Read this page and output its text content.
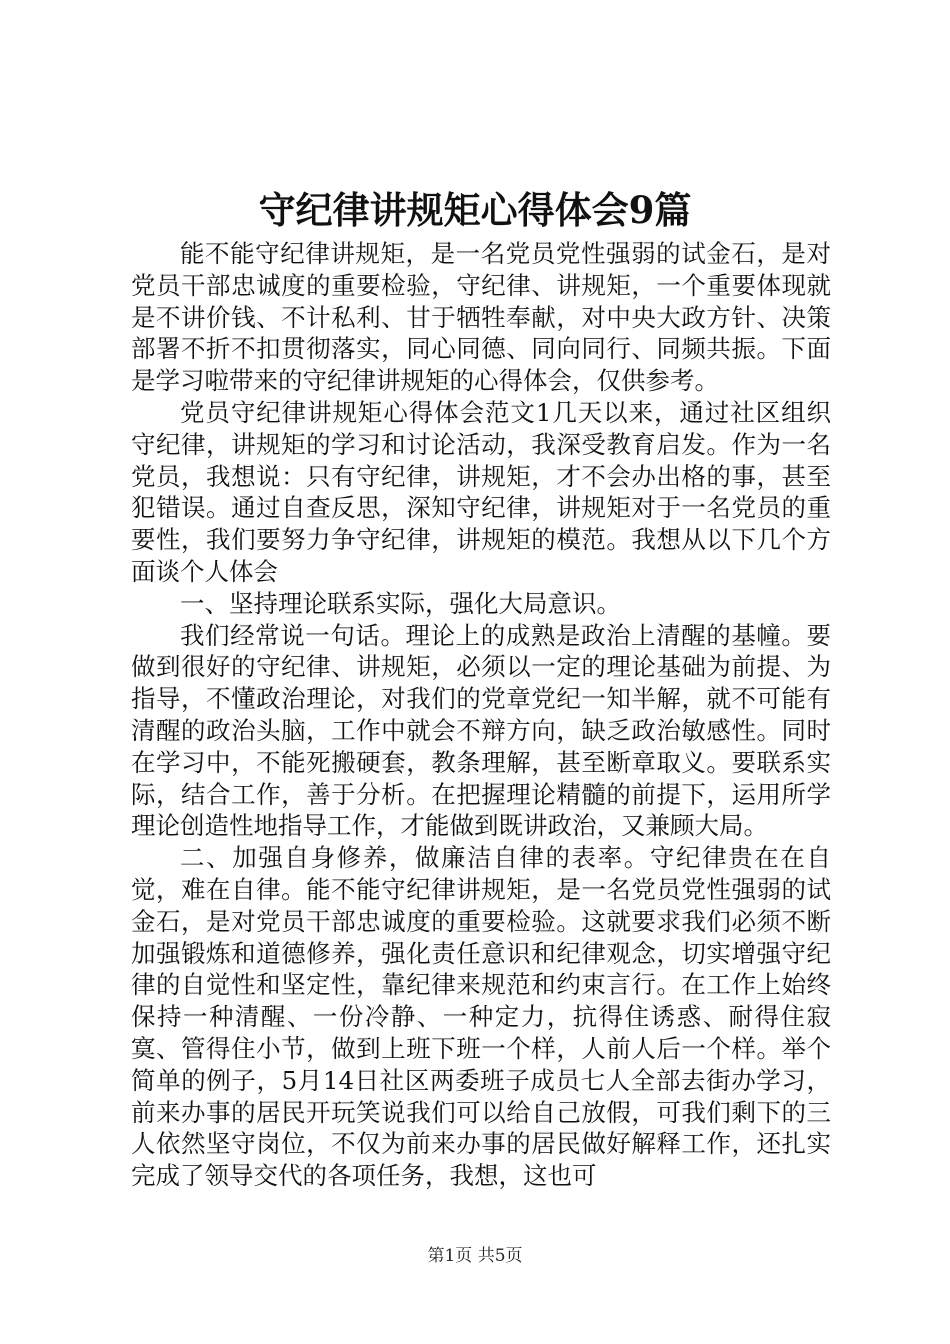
守纪律讲规矩心得体会9篇

能不能守纪律讲规矩，是一名党员党性强弱的试金石，是对党员干部忠诚度的重要检验，守纪律、讲规矩，一个重要体现就是不讲价钱、不计私利、甘于牺牲奉献，对中央大政方针、决策部署不折不扣贯彻落实，同心同德、同向同行、同频共振。下面是学习啦带来的守纪律讲规矩的心得体会，仅供参考。

党员守纪律讲规矩心得体会范文1几天以来，通过社区组织守纪律，讲规矩的学习和讨论活动，我深受教育启发。作为一名党员，我想说：只有守纪律，讲规矩，才不会办出格的事，甚至犯错误。通过自查反思，深知守纪律，讲规矩对于一名党员的重要性，我们要努力争守纪律，讲规矩的模范。我想从以下几个方面谈个人体会

一、坚持理论联系实际，强化大局意识。

我们经常说一句话。理论上的成熟是政治上清醒的基幢。要做到很好的守纪律、讲规矩，必须以一定的理论基础为前提、为指导，不懂政治理论，对我们的党章党纪一知半解，就不可能有清醒的政治头脑，工作中就会不辩方向，缺乏政治敏感性。同时在学习中，不能死搬硬套，教条理解，甚至断章取义。要联系实际，结合工作，善于分析。在把握理论精髓的前提下，运用所学理论创造性地指导工作，才能做到既讲政治，又兼顾大局。

二、加强自身修养，做廉洁自律的表率。守纪律贵在在自觉，难在自律。能不能守纪律讲规矩，是一名党员党性强弱的试金石，是对党员干部忠诚度的重要检验。这就要求我们必须不断加强锻炼和道德修养，强化责任意识和纪律观念，切实增强守纪律的自觉性和坚定性，靠纪律来规范和约束言行。在工作上始终保持一种清醒、一份冷静、一种定力，抗得住诱惑、耐得住寂寞、管得住小节，做到上班下班一个样，人前人后一个样。举个简单的例子，5月14日社区两委班子成员七人全部去街办学习，前来办事的居民开玩笑说我们可以给自己放假，可我们剩下的三人依然坚守岗位，不仅为前来办事的居民做好解释工作，还扎实完成了领导交代的各项任务，我想，这也可

第1页 共5页
